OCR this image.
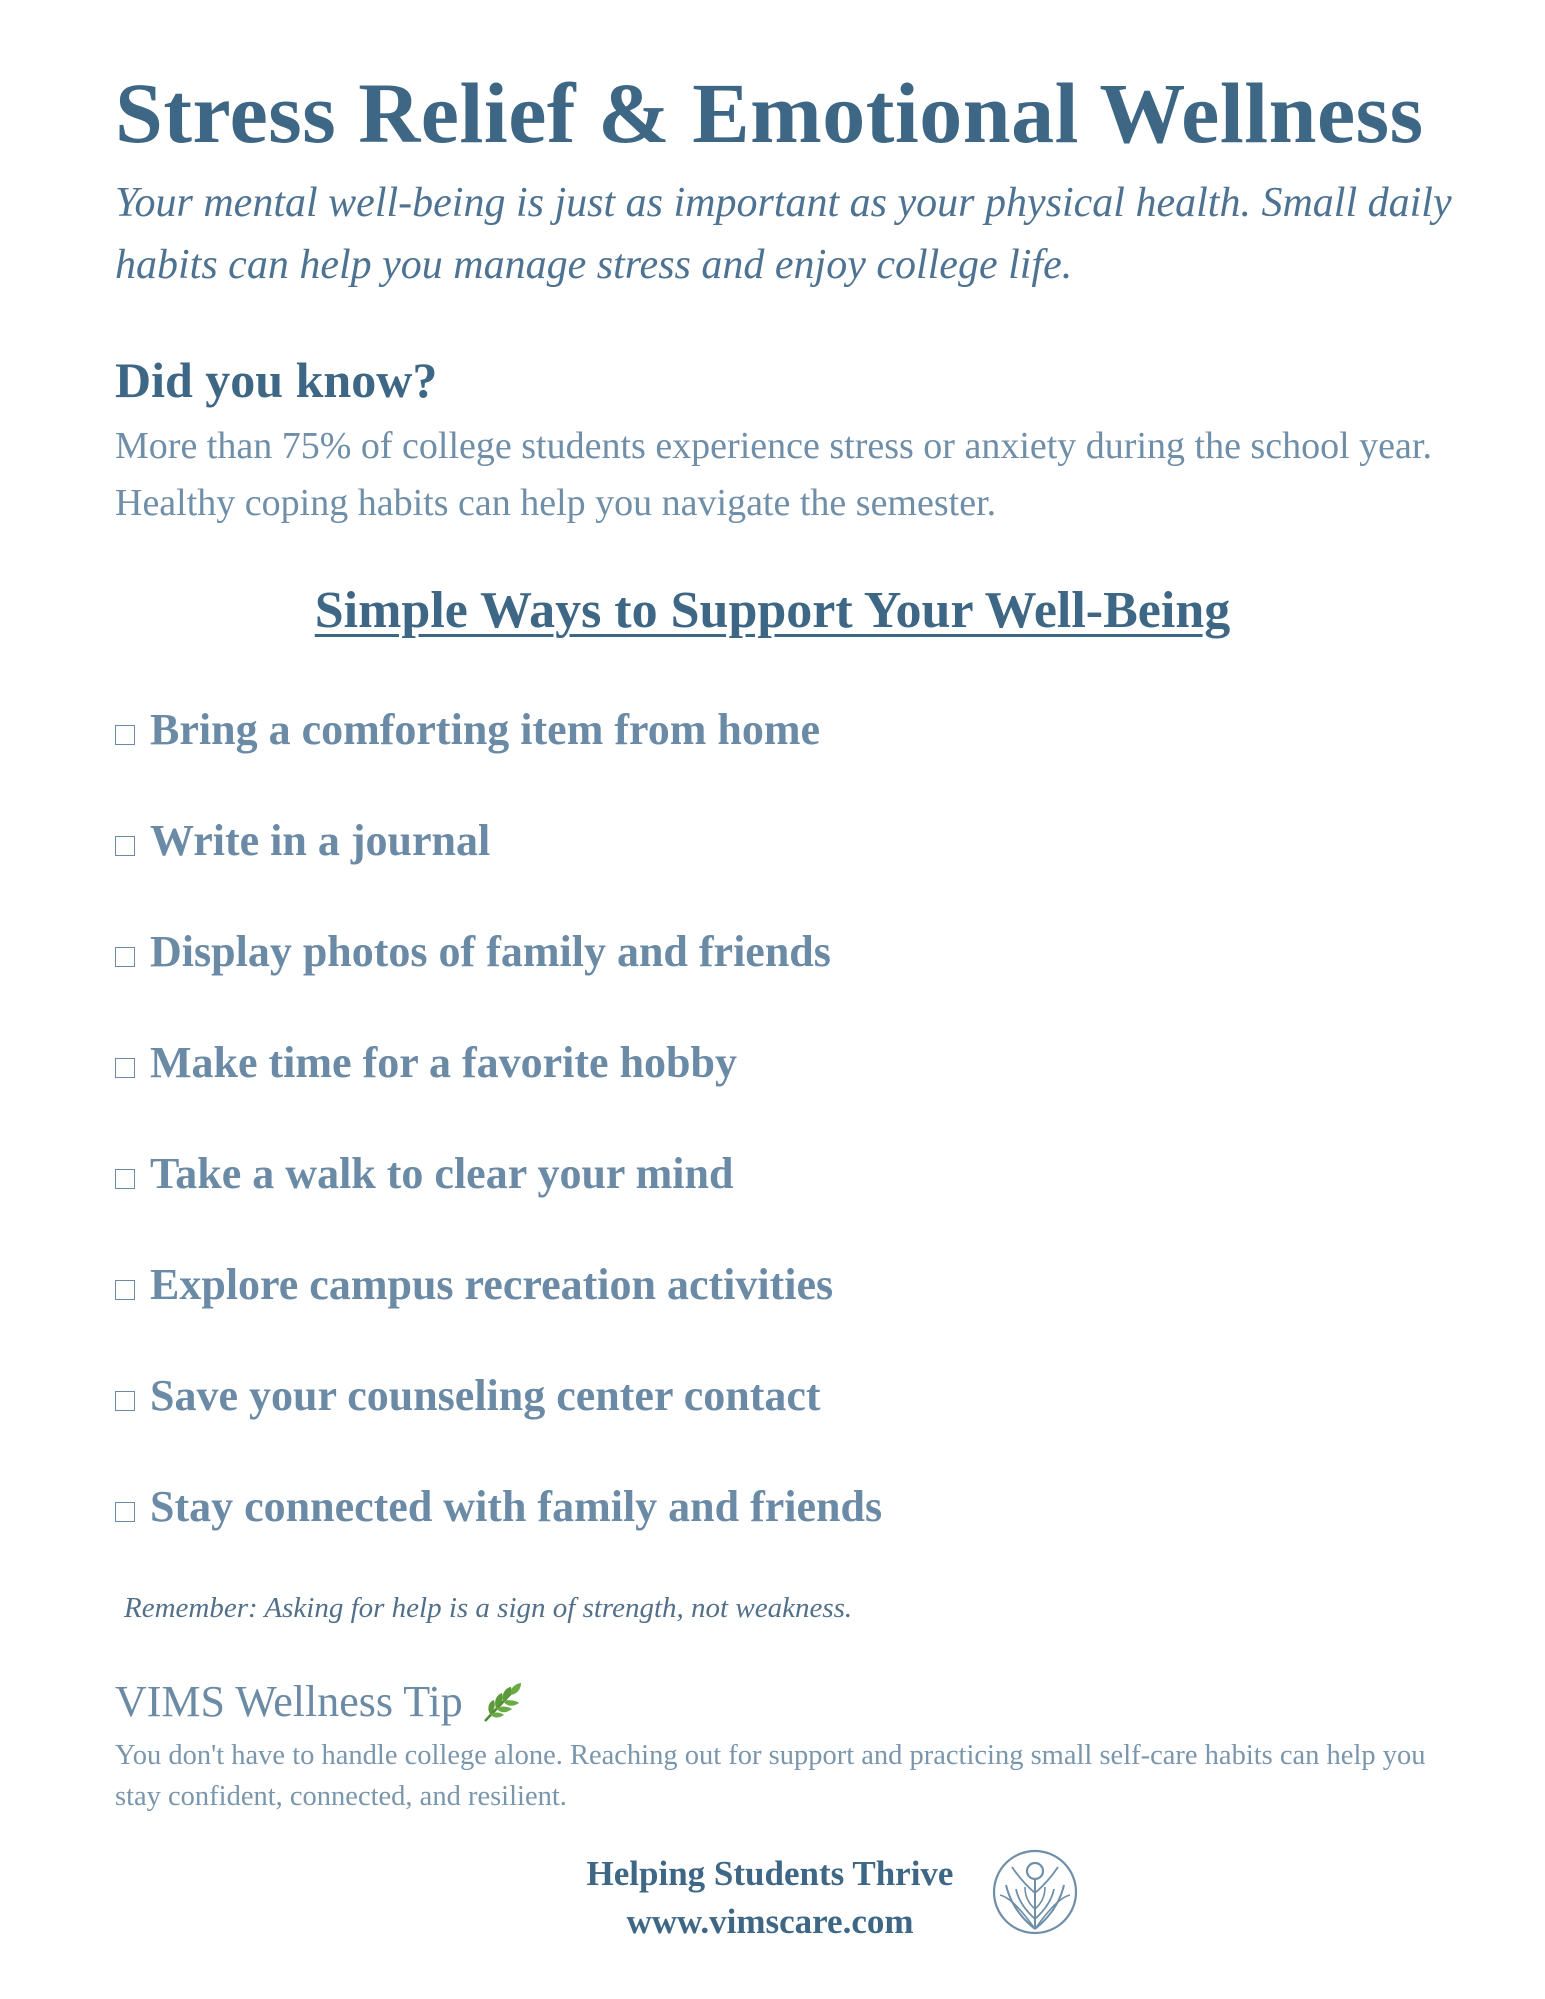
Stress Relief & Emotional Wellness

Your mental well-being is just as important as your physical health. Small daily habits can help you manage stress and enjoy college life.

Did you know?

More than 75% of college students experience stress or anxiety during the school year. Healthy coping habits can help you navigate the semester.

Simple Ways to Support Your Well-Being
Bring a comforting item from home
Write in a journal
Display photos of family and friends
Make time for a favorite hobby
Take a walk to clear your mind
Explore campus recreation activities
Save your counseling center contact
Stay connected with family and friends

Remember: Asking for help is a sign of strength, not weakness.

VIMS Wellness Tip

You don't have to handle college alone. Reaching out for support and practicing small self-care habits can help you stay confident, connected, and resilient.

Helping Students Thrive

www.vimscare.com
